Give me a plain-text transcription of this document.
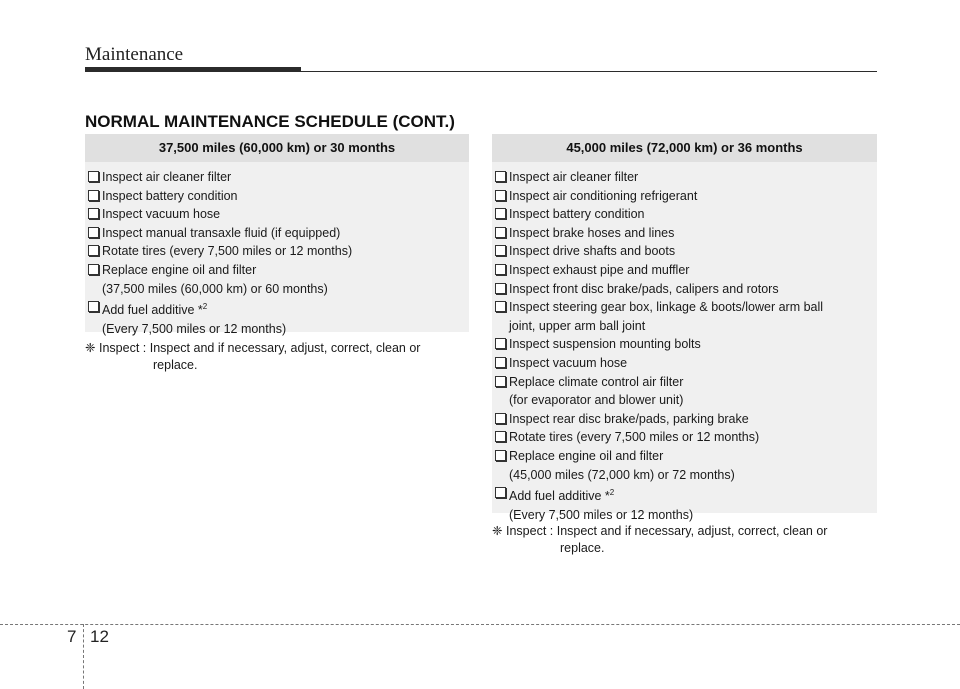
Maintenance
NORMAL MAINTENANCE SCHEDULE (CONT.)
37,500 miles (60,000 km) or 30 months
Inspect air cleaner filter
Inspect battery condition
Inspect vacuum hose
Inspect manual transaxle fluid (if equipped)
Rotate tires (every 7,500 miles or 12 months)
Replace engine oil and filter
(37,500 miles (60,000 km) or 60 months)
Add fuel additive *$^2$
(Every 7,500 miles or 12 months)
❈ Inspect : Inspect and if necessary, adjust, correct, clean or
replace.
45,000 miles (72,000 km) or 36 months
Inspect air cleaner filter
Inspect air conditioning refrigerant
Inspect battery condition
Inspect brake hoses and lines
Inspect drive shafts and boots
Inspect exhaust pipe and muffler
Inspect front disc brake/pads, calipers and rotors
Inspect steering gear box, linkage & boots/lower arm ball
joint, upper arm ball joint
Inspect suspension mounting bolts
Inspect vacuum hose
Replace climate control air filter
(for evaporator and blower unit)
Inspect rear disc brake/pads, parking brake
Rotate tires (every 7,500 miles or 12 months)
Replace engine oil and filter
(45,000 miles (72,000 km) or 72 months)
Add fuel additive *$^2$
(Every 7,500 miles or 12 months)
❈ Inspect : Inspect and if necessary, adjust, correct, clean or
replace.
7 12
